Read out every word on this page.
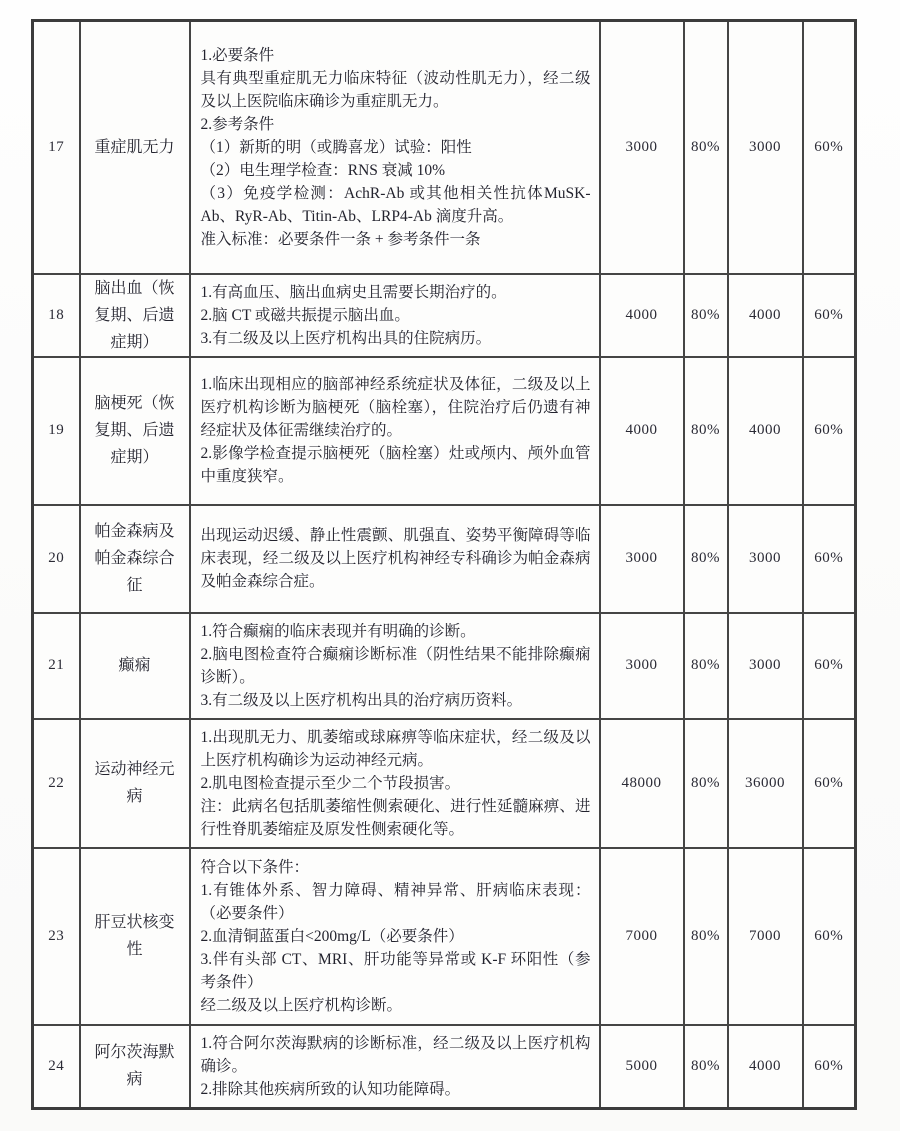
17	重症肌无力	
1.必要条件
具有典型重症肌无力临床特征（波动性肌无力），经二级及以上医院临床确诊为重症肌无力。
2.参考条件
（1）新斯的明（或腾喜龙）试验：阳性
（2）电生理学检查：RNS 衰减 10%
（3）免疫学检测：AchR-Ab 或其他相关性抗体MuSK-Ab、RyR-Ab、Titin-Ab、LRP4-Ab 滴度升高。
准入标准：必要条件一条 + 参考条件一条
	3000	80%	3000	60%
18	脑出血（恢复期、后遗症期）	1.有高血压、脑出血病史且需要长期治疗的。
2.脑 CT 或磁共振提示脑出血。
3.有二级及以上医疗机构出具的住院病历。	4000	80%	4000	60%
19	脑梗死（恢复期、后遗症期）	1.临床出现相应的脑部神经系统症状及体征，二级及以上医疗机构诊断为脑梗死（脑栓塞），住院治疗后仍遗有神经症状及体征需继续治疗的。
2.影像学检查提示脑梗死（脑栓塞）灶或颅内、颅外血管中重度狭窄。	4000	80%	4000	60%
20	帕金森病及帕金森综合征	出现运动迟缓、静止性震颤、肌强直、姿势平衡障碍等临床表现，经二级及以上医疗机构神经专科确诊为帕金森病及帕金森综合症。	3000	80%	3000	60%
21	癫痫	1.符合癫痫的临床表现并有明确的诊断。
2.脑电图检查符合癫痫诊断标准（阴性结果不能排除癫痫诊断）。
3.有二级及以上医疗机构出具的治疗病历资料。	3000	80%	3000	60%
22	运动神经元病	1.出现肌无力、肌萎缩或球麻痹等临床症状，经二级及以上医疗机构确诊为运动神经元病。
2.肌电图检查提示至少二个节段损害。
注：此病名包括肌萎缩性侧索硬化、进行性延髓麻痹、进行性脊肌萎缩症及原发性侧索硬化等。	48000	80%	36000	60%
23	肝豆状核变性	符合以下条件：
1.有锥体外系、智力障碍、精神异常、肝病临床表现：（必要条件）
2.血清铜蓝蛋白<200mg/L（必要条件）
3.伴有头部 CT、MRI、肝功能等异常或 K-F 环阳性（参考条件）
经二级及以上医疗机构诊断。	7000	80%	7000	60%
24	阿尔茨海默病	1.符合阿尔茨海默病的诊断标准，经二级及以上医疗机构确诊。
2.排除其他疾病所致的认知功能障碍。	5000	80%	4000	60%
